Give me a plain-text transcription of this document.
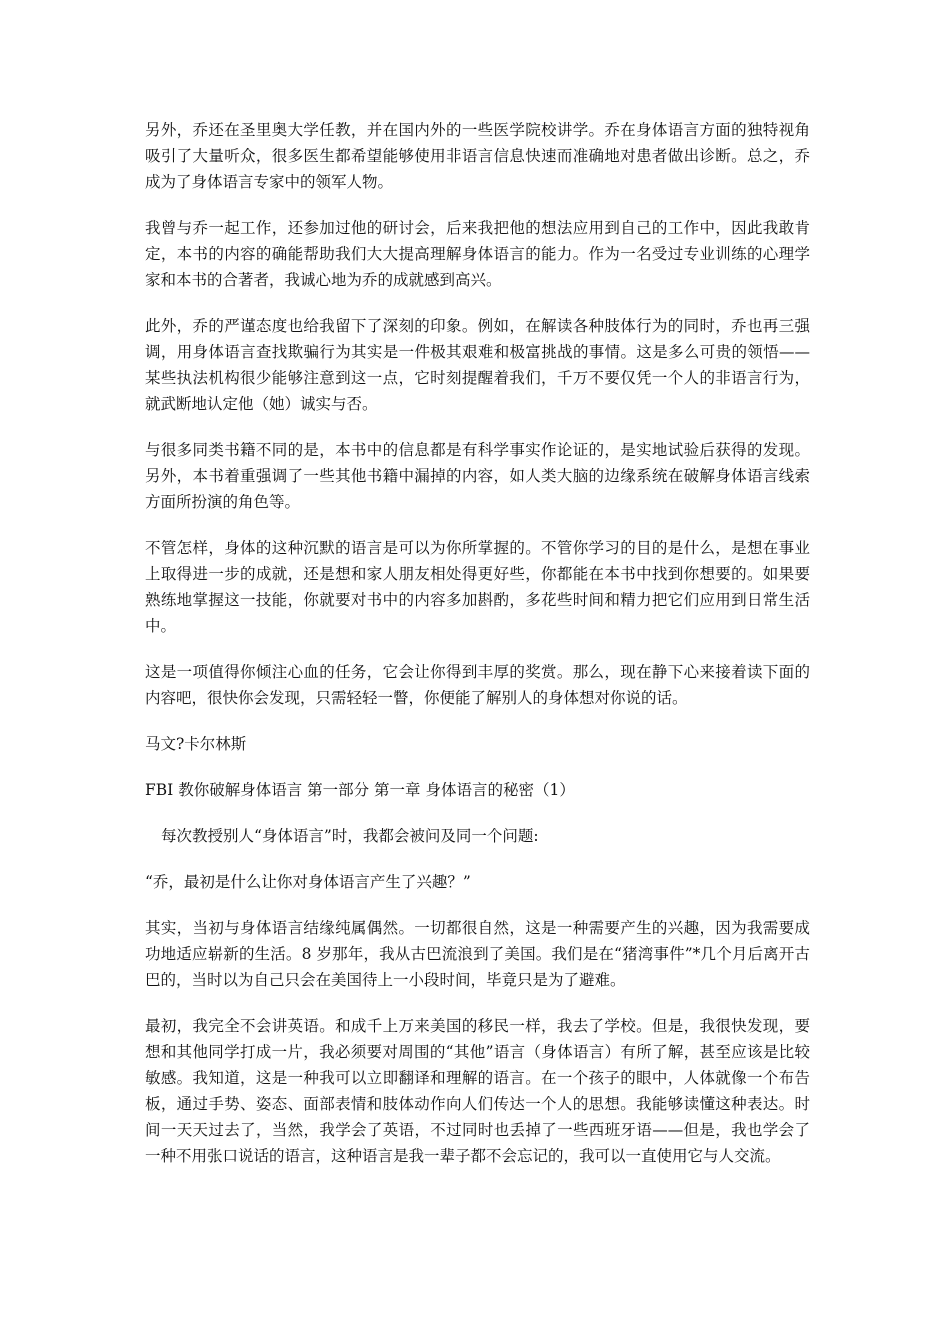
另外，乔还在圣里奥大学任教，并在国内外的一些医学院校讲学。乔在身体语言方面的独特视角吸引了大量听众，很多医生都希望能够使用非语言信息快速而准确地对患者做出诊断。总之，乔成为了身体语言专家中的领军人物。

我曾与乔一起工作，还参加过他的研讨会，后来我把他的想法应用到自己的工作中，因此我敢肯定，本书的内容的确能帮助我们大大提高理解身体语言的能力。作为一名受过专业训练的心理学家和本书的合著者，我诚心地为乔的成就感到高兴。

此外，乔的严谨态度也给我留下了深刻的印象。例如，在解读各种肢体行为的同时，乔也再三强调，用身体语言查找欺骗行为其实是一件极其艰难和极富挑战的事情。这是多么可贵的领悟——某些执法机构很少能够注意到这一点，它时刻提醒着我们，千万不要仅凭一个人的非语言行为，就武断地认定他（她）诚实与否。

与很多同类书籍不同的是，本书中的信息都是有科学事实作论证的，是实地试验后获得的发现。另外，本书着重强调了一些其他书籍中漏掉的内容，如人类大脑的边缘系统在破解身体语言线索方面所扮演的角色等。

不管怎样，身体的这种沉默的语言是可以为你所掌握的。不管你学习的目的是什么，是想在事业上取得进一步的成就，还是想和家人朋友相处得更好些，你都能在本书中找到你想要的。如果要熟练地掌握这一技能，你就要对书中的内容多加斟酌，多花些时间和精力把它们应用到日常生活中。

这是一项值得你倾注心血的任务，它会让你得到丰厚的奖赏。那么，现在静下心来接着读下面的内容吧，很快你会发现，只需轻轻一瞥，你便能了解别人的身体想对你说的话。

马文?卡尔林斯

FBI 教你破解身体语言 第一部分 第一章 身体语言的秘密（1）

每次教授别人“身体语言”时，我都会被问及同一个问题:

“乔，最初是什么让你对身体语言产生了兴趣？”

其实，当初与身体语言结缘纯属偶然。一切都很自然，这是一种需要产生的兴趣，因为我需要成功地适应崭新的生活。8 岁那年，我从古巴流浪到了美国。我们是在“猪湾事件”*几个月后离开古巴的，当时以为自己只会在美国待上一小段时间，毕竟只是为了避难。

最初，我完全不会讲英语。和成千上万来美国的移民一样，我去了学校。但是，我很快发现，要想和其他同学打成一片，我必须要对周围的“其他”语言（身体语言）有所了解，甚至应该是比较敏感。我知道，这是一种我可以立即翻译和理解的语言。在一个孩子的眼中，人体就像一个布告板，通过手势、姿态、面部表情和肢体动作向人们传达一个人的思想。我能够读懂这种表达。时间一天天过去了，当然，我学会了英语，不过同时也丢掉了一些西班牙语——但是，我也学会了一种不用张口说话的语言，这种语言是我一辈子都不会忘记的，我可以一直使用它与人交流。
